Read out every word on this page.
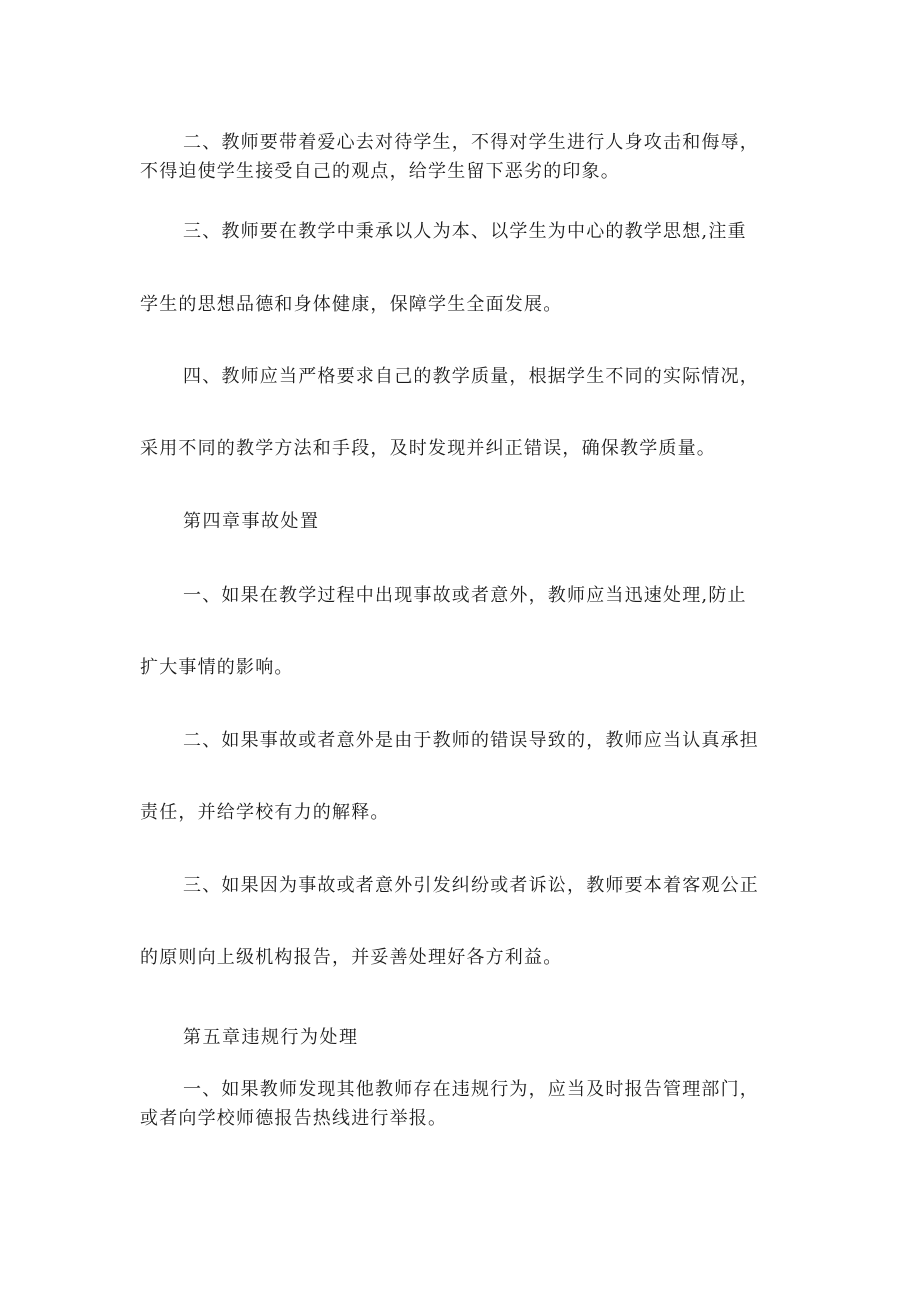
二、教师要带着爱心去对待学生，不得对学生进行人身攻击和侮辱，
不得迫使学生接受自己的观点，给学生留下恶劣的印象。
三、教师要在教学中秉承以人为本、以学生为中心的教学思想,注重
学生的思想品德和身体健康，保障学生全面发展。
四、教师应当严格要求自己的教学质量，根据学生不同的实际情况，
采用不同的教学方法和手段，及时发现并纠正错误，确保教学质量。
第四章事故处置
一、如果在教学过程中出现事故或者意外，教师应当迅速处理,防止
扩大事情的影响。
二、如果事故或者意外是由于教师的错误导致的，教师应当认真承担
责任，并给学校有力的解释。
三、如果因为事故或者意外引发纠纷或者诉讼，教师要本着客观公正
的原则向上级机构报告，并妥善处理好各方利益。
第五章违规行为处理
一、如果教师发现其他教师存在违规行为，应当及时报告管理部门，
或者向学校师德报告热线进行举报。
